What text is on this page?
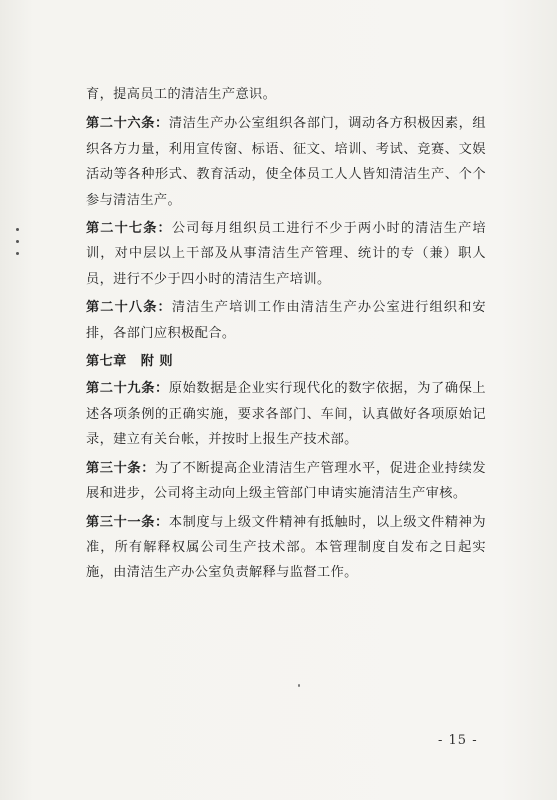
育，提高员工的清洁生产意识。

第二十六条：清洁生产办公室组织各部门，调动各方积极因素，组织各方力量，利用宣传窗、标语、征文、培训、考试、竞赛、文娱活动等各种形式、教育活动，使全体员工人人皆知清洁生产、个个参与清洁生产。

第二十七条：公司每月组织员工进行不少于两小时的清洁生产培训，对中层以上干部及从事清洁生产管理、统计的专（兼）职人员，进行不少于四小时的清洁生产培训。

第二十八条：清洁生产培训工作由清洁生产办公室进行组织和安排，各部门应积极配合。

第七章 附 则

第二十九条：原始数据是企业实行现代化的数字依据，为了确保上述各项条例的正确实施，要求各部门、车间，认真做好各项原始记录，建立有关台帐，并按时上报生产技术部。

第三十条：为了不断提高企业清洁生产管理水平，促进企业持续发展和进步，公司将主动向上级主管部门申请实施清洁生产审核。

第三十一条：本制度与上级文件精神有抵触时，以上级文件精神为准，所有解释权属公司生产技术部。本管理制度自发布之日起实施，由清洁生产办公室负责解释与监督工作。

- 15 -
